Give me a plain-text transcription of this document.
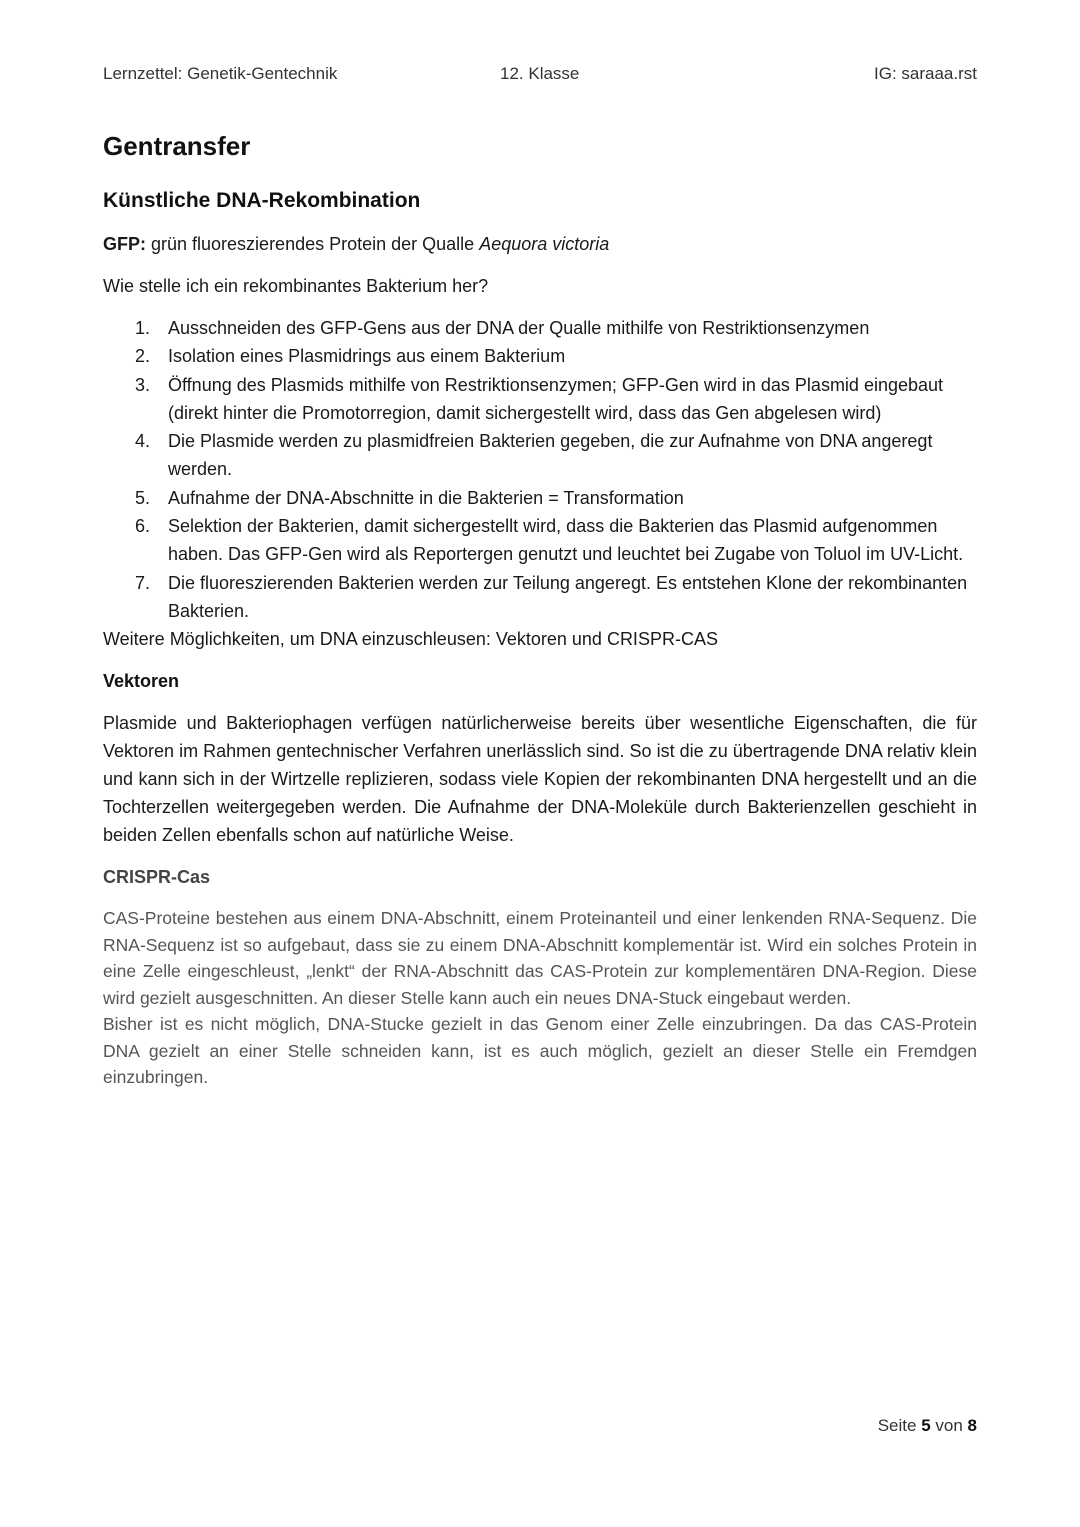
Lernzettel: Genetik-Gentechnik	12. Klasse	IG: saraaa.rst
Gentransfer
Künstliche DNA-Rekombination

GFP: grün fluoreszierendes Protein der Qualle Aequora victoria

Wie stelle ich ein rekombinantes Bakterium her?

1. Ausschneiden des GFP-Gens aus der DNA der Qualle mithilfe von Restriktionsenzymen
2. Isolation eines Plasmidrings aus einem Bakterium
3. Öffnung des Plasmids mithilfe von Restriktionsenzymen; GFP-Gen wird in das Plasmid eingebaut (direkt hinter die Promotorregion, damit sichergestellt wird, dass das Gen abgelesen wird)
4. Die Plasmide werden zu plasmidfreien Bakterien gegeben, die zur Aufnahme von DNA angeregt werden.
5. Aufnahme der DNA-Abschnitte in die Bakterien = Transformation
6. Selektion der Bakterien, damit sichergestellt wird, dass die Bakterien das Plasmid aufgenommen haben. Das GFP-Gen wird als Reportergen genutzt und leuchtet bei Zugabe von Toluol im UV-Licht.
7. Die fluoreszierenden Bakterien werden zur Teilung angeregt. Es entstehen Klone der rekombinanten Bakterien.

Weitere Möglichkeiten, um DNA einzuschleusen: Vektoren und CRISPR-CAS

Vektoren

Plasmide und Bakteriophagen verfügen natürlicherweise bereits über wesentliche Eigenschaften, die für Vektoren im Rahmen gentechnischer Verfahren unerlässlich sind. So ist die zu übertragende DNA relativ klein und kann sich in der Wirtzelle replizieren, sodass viele Kopien der rekombinanten DNA hergestellt und an die Tochterzellen weitergegeben werden. Die Aufnahme der DNA-Moleküle durch Bakterienzellen geschieht in beiden Zellen ebenfalls schon auf natürliche Weise.

CRISPR-Cas

CAS-Proteine bestehen aus einem DNA-Abschnitt, einem Proteinanteil und einer lenkenden RNA-Sequenz. Die RNA-Sequenz ist so aufgebaut, dass sie zu einem DNA-Abschnitt komplementär ist. Wird ein solches Protein in eine Zelle eingeschleust, „lenkt“ der RNA-Abschnitt das CAS-Protein zur komplementären DNA-Region. Diese wird gezielt ausgeschnitten. An dieser Stelle kann auch ein neues DNA-Stuck eingebaut werden.

Bisher ist es nicht möglich, DNA-Stucke gezielt in das Genom einer Zelle einzubringen. Da das CAS-Protein DNA gezielt an einer Stelle schneiden kann, ist es auch möglich, gezielt an dieser Stelle ein Fremdgen einzubringen.

Seite 5 von 8
